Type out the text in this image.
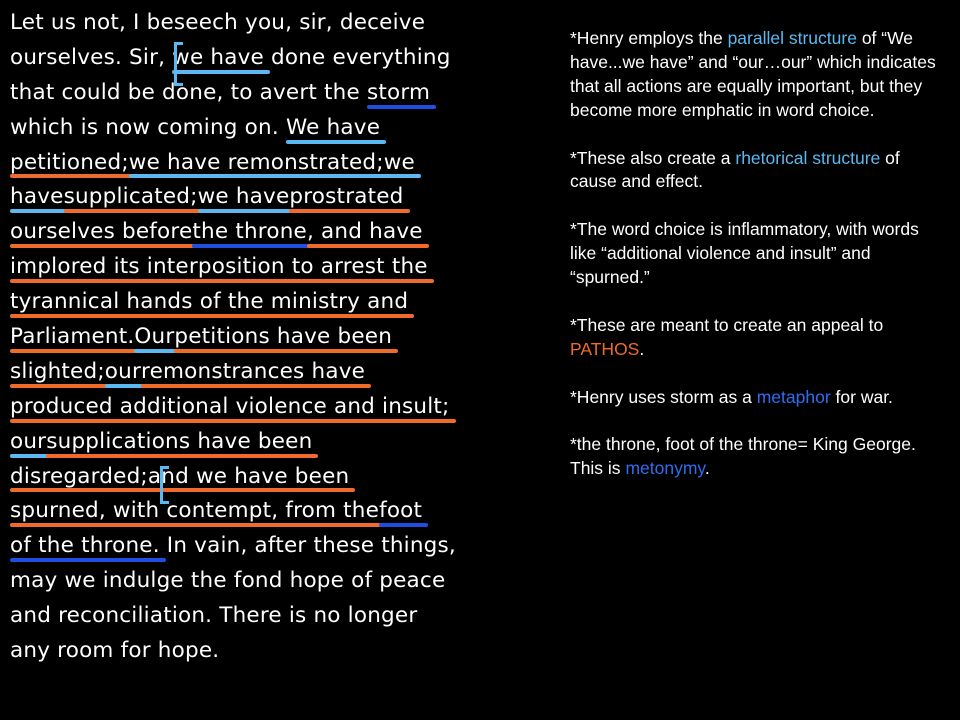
Let us not, I beseech you, sir, deceive
ourselves. Sir, we have done everything
that could be done, to avert the storm
which is now coming on. We have
petitioned;we have remonstrated;we
havesupplicated;we haveprostrated
ourselves beforethe throne, and have
implored its interposition to arrest the
tyrannical hands of the ministry and
Parliament.Ourpetitions have been
slighted;ourremonstrances have
produced additional violence and insult;
oursupplications have been
disregarded;and we have been
spurned, with contempt, from thefoot
of the throne. In vain, after these things,
may we indulge the fond hope of peace
and reconciliation. There is no longer
any room for hope.

*Henry employs the parallel structure of “We have...we have” and “our…our” which indicates that all actions are equally important, but they become more emphatic in word choice.

*These also create a rhetorical structure of cause and effect.

*The word choice is inflammatory, with words like “additional violence and insult” and “spurned.”

*These are meant to create an appeal to PATHOS.

*Henry uses storm as a metaphor for war.

*the throne, foot of the throne= King George. This is metonymy.
